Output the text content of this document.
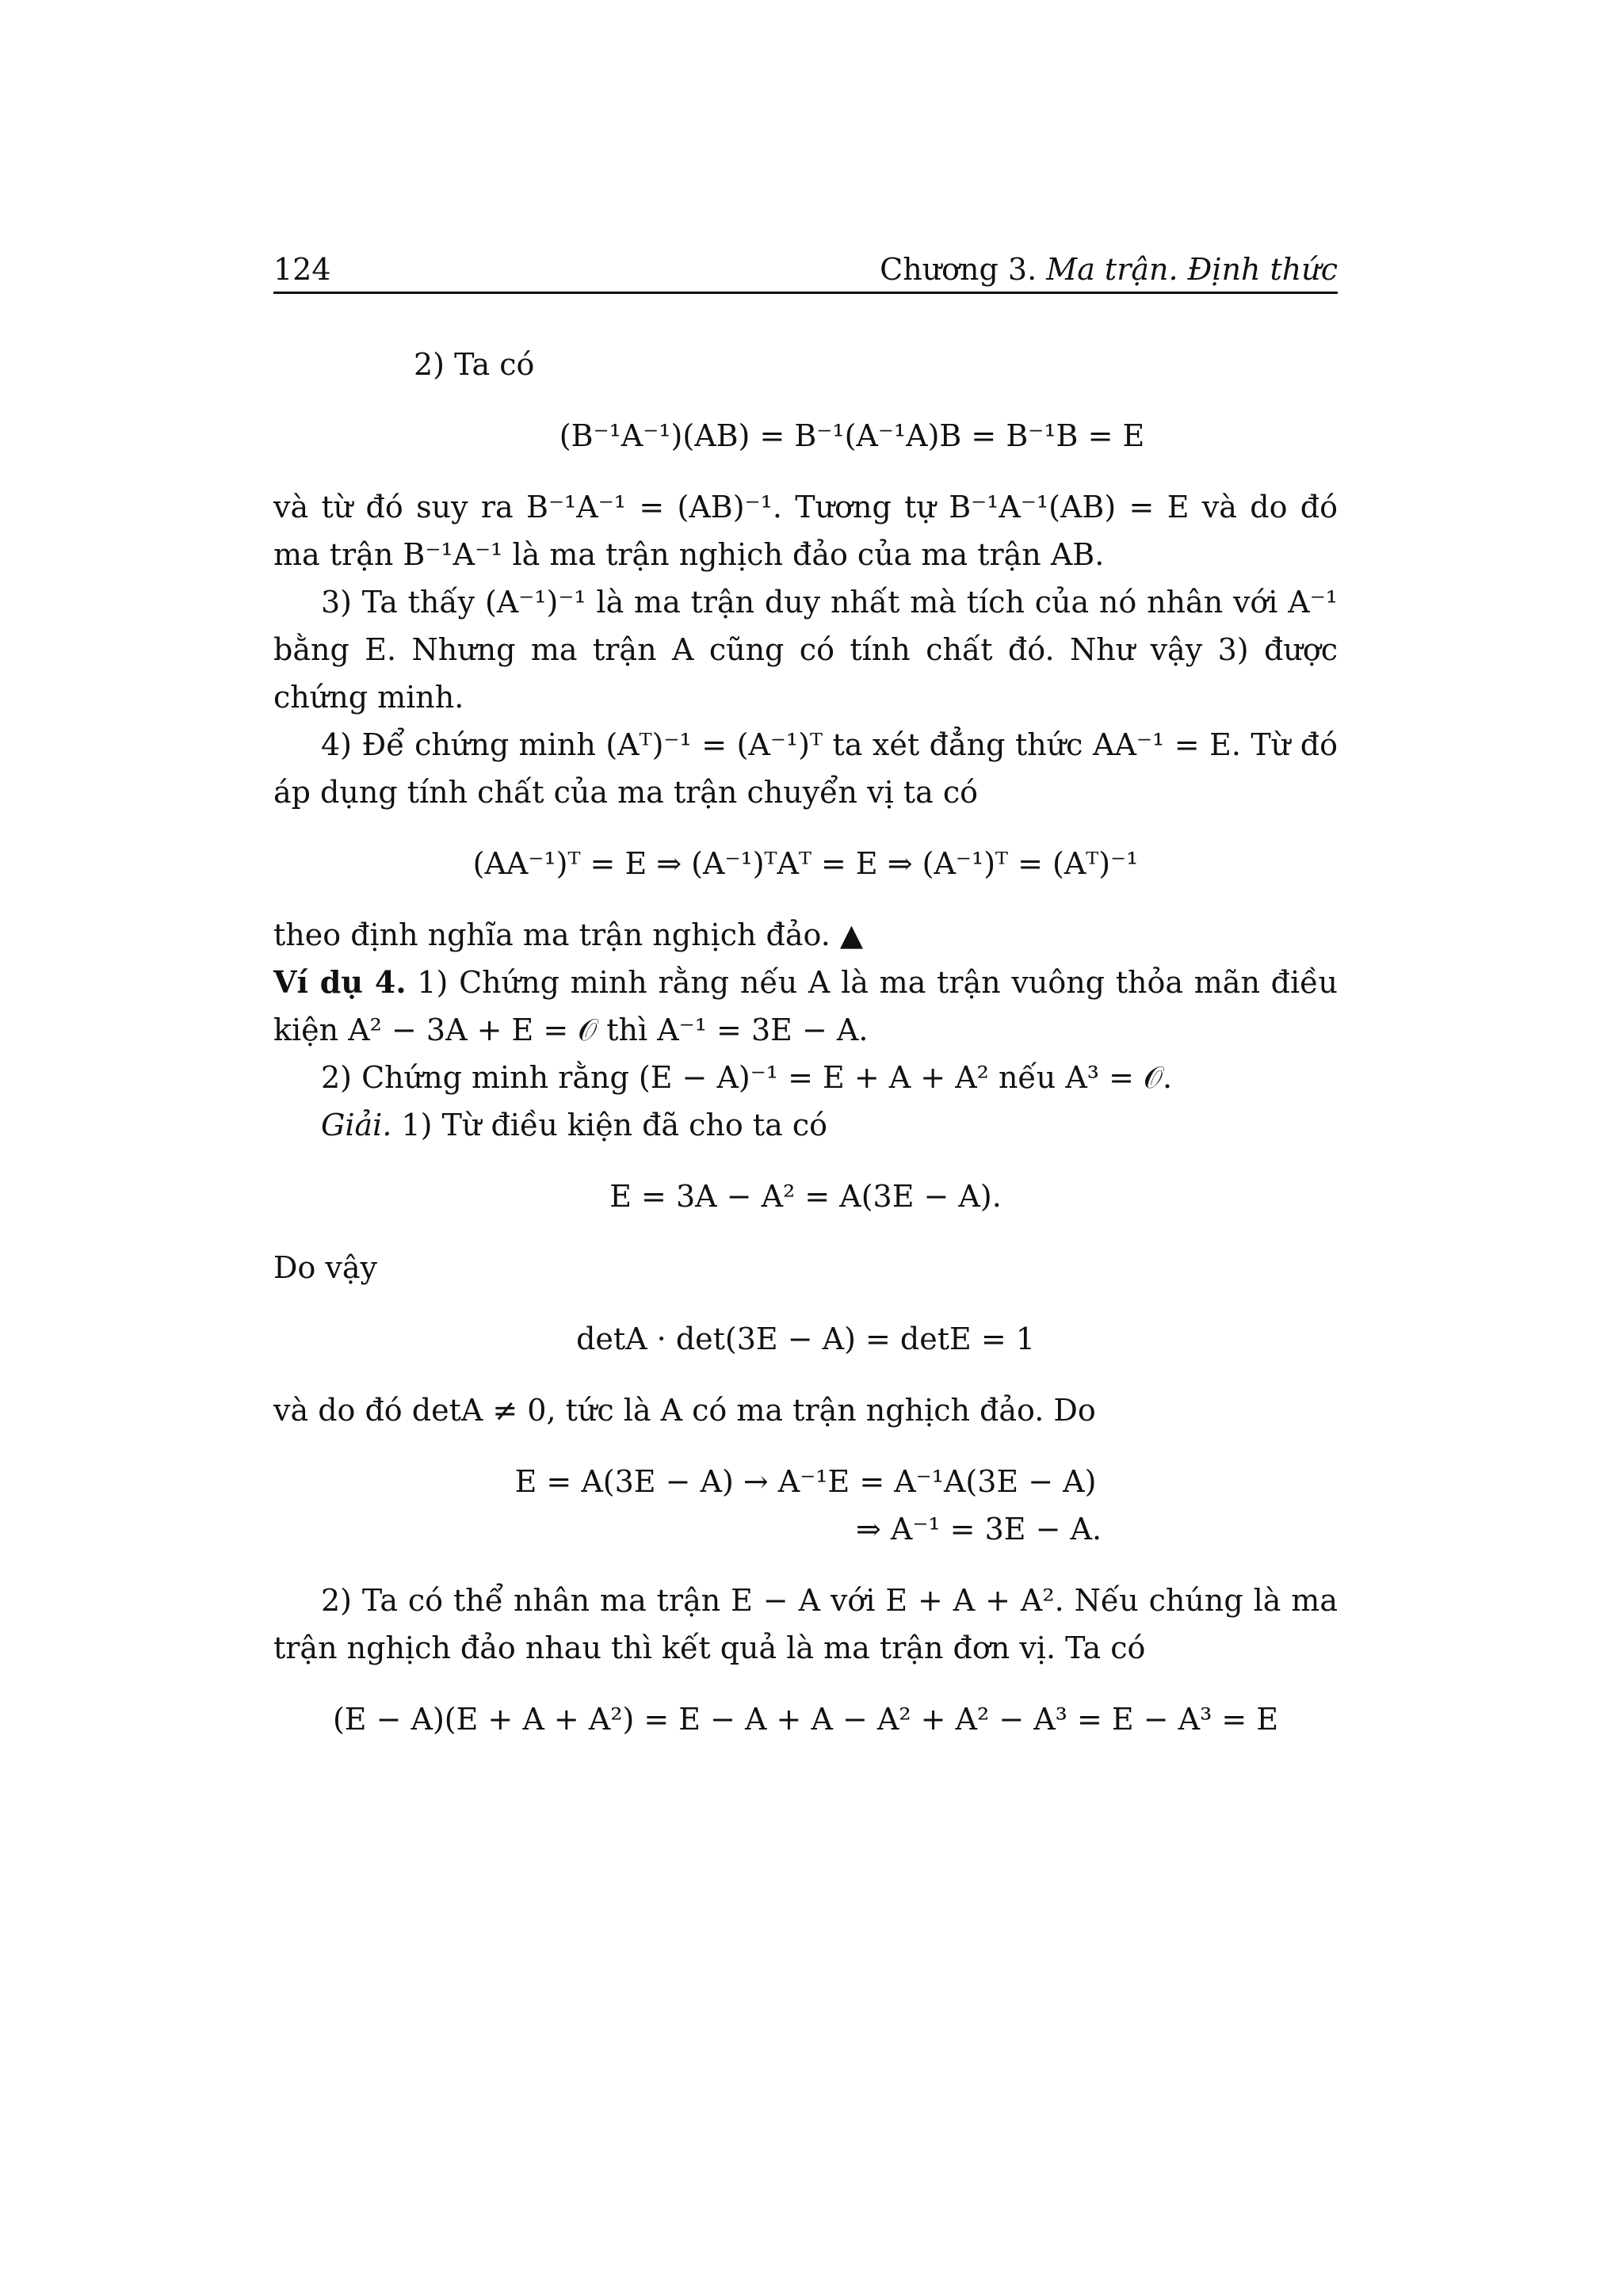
124	Chương 3. Ma trận. Định thức

2) Ta có

(B⁻¹A⁻¹)(AB) = B⁻¹(A⁻¹A)B = B⁻¹B = E

và từ đó suy ra B⁻¹A⁻¹ = (AB)⁻¹. Tương tự B⁻¹A⁻¹(AB) = E và do đó ma trận B⁻¹A⁻¹ là ma trận nghịch đảo của ma trận AB.

3) Ta thấy (A⁻¹)⁻¹ là ma trận duy nhất mà tích của nó nhân với A⁻¹ bằng E. Nhưng ma trận A cũng có tính chất đó. Như vậy 3) được chứng minh.

4) Để chứng minh (Aᵀ)⁻¹ = (A⁻¹)ᵀ ta xét đẳng thức AA⁻¹ = E. Từ đó áp dụng tính chất của ma trận chuyển vị ta có

(AA⁻¹)ᵀ = E ⇒ (A⁻¹)ᵀAᵀ = E ⇒ (A⁻¹)ᵀ = (Aᵀ)⁻¹

theo định nghĩa ma trận nghịch đảo. ▲

Ví dụ 4. 1) Chứng minh rằng nếu A là ma trận vuông thỏa mãn điều kiện A² − 3A + E = 𝒪 thì A⁻¹ = 3E − A.

2) Chứng minh rằng (E − A)⁻¹ = E + A + A² nếu A³ = 𝒪.

Giải. 1) Từ điều kiện đã cho ta có

E = 3A − A² = A(3E − A).

Do vậy

detA · det(3E − A) = detE = 1

và do đó detA ≠ 0, tức là A có ma trận nghịch đảo. Do

E = A(3E − A) → A⁻¹E = A⁻¹A(3E − A)

⇒ A⁻¹ = 3E − A.

2) Ta có thể nhân ma trận E − A với E + A + A². Nếu chúng là ma trận nghịch đảo nhau thì kết quả là ma trận đơn vị. Ta có

(E − A)(E + A + A²) = E − A + A − A² + A² − A³ = E − A³ = E
